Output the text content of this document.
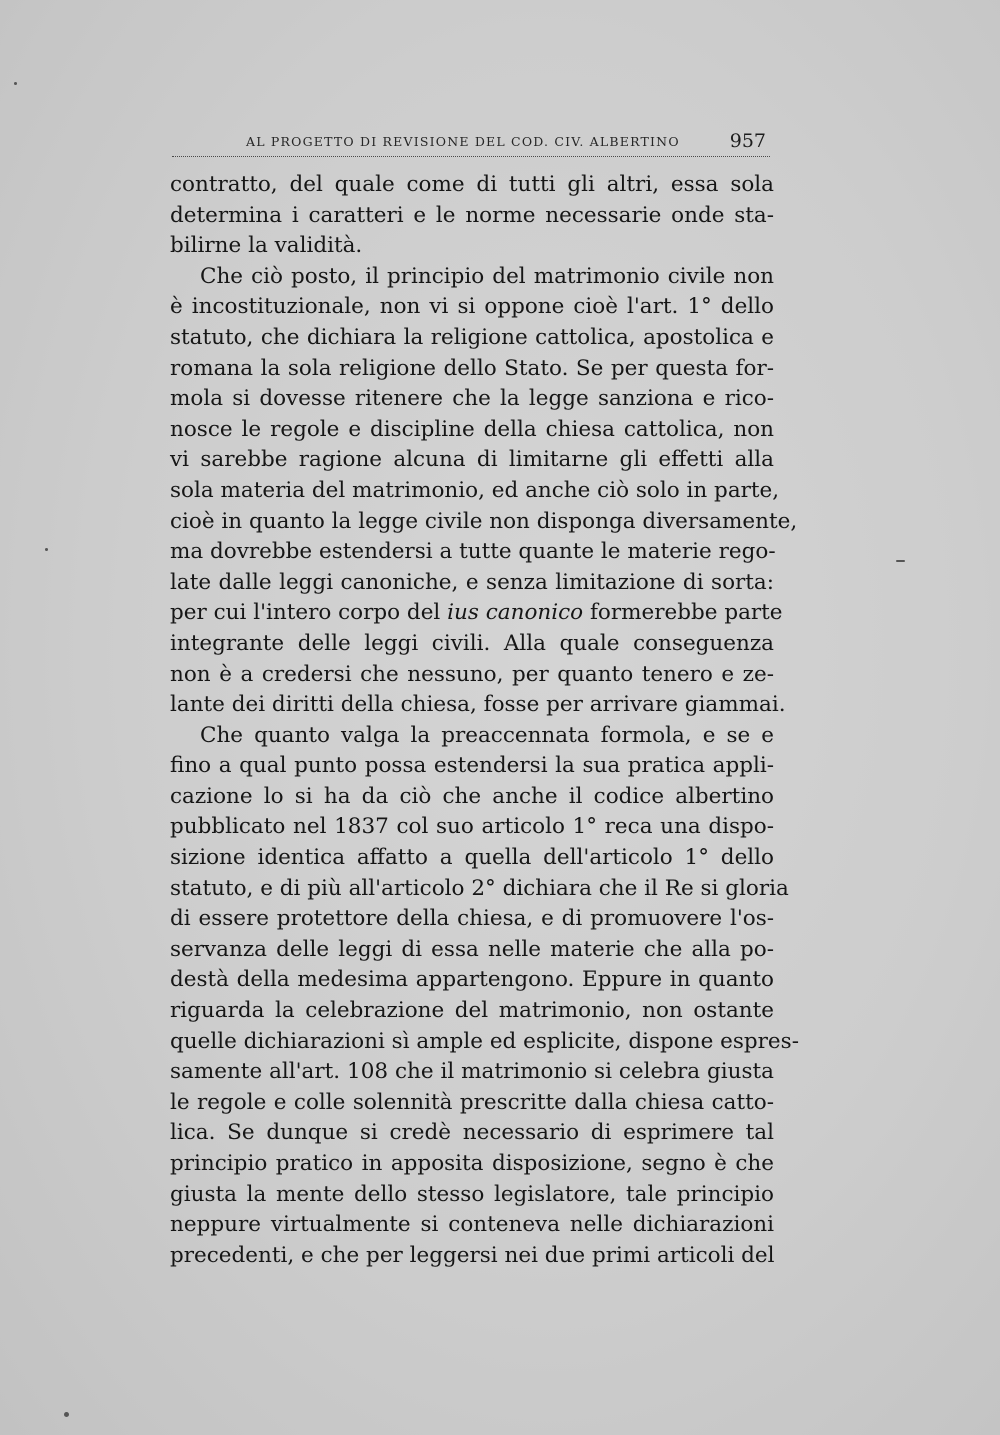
AL PROGETTO DI REVISIONE DEL COD. CIV. ALBERTINO	957
contratto, del quale come di tutti gli altri, essa sola
determina i caratteri e le norme necessarie onde sta-
bilirne la validità.
Che ciò posto, il principio del matrimonio civile non
è incostituzionale, non vi si oppone cioè l'art. 1° dello
statuto, che dichiara la religione cattolica, apostolica e
romana la sola religione dello Stato. Se per questa for-
mola si dovesse ritenere che la legge sanziona e rico-
nosce le regole e discipline della chiesa cattolica, non
vi sarebbe ragione alcuna di limitarne gli effetti alla
sola materia del matrimonio, ed anche ciò solo in parte,
cioè in quanto la legge civile non disponga diversamente,
ma dovrebbe estendersi a tutte quante le materie rego-
late dalle leggi canoniche, e senza limitazione di sorta:
per cui l'intero corpo del ius canonico formerebbe parte
integrante delle leggi civili. Alla quale conseguenza
non è a credersi che nessuno, per quanto tenero e ze-
lante dei diritti della chiesa, fosse per arrivare giammai.
Che quanto valga la preaccennata formola, e se e
fino a qual punto possa estendersi la sua pratica appli-
cazione lo si ha da ciò che anche il codice albertino
pubblicato nel 1837 col suo articolo 1° reca una dispo-
sizione identica affatto a quella dell'articolo 1° dello
statuto, e di più all'articolo 2° dichiara che il Re si gloria
di essere protettore della chiesa, e di promuovere l'os-
servanza delle leggi di essa nelle materie che alla po-
destà della medesima appartengono. Eppure in quanto
riguarda la celebrazione del matrimonio, non ostante
quelle dichiarazioni sì ample ed esplicite, dispone espres-
samente all'art. 108 che il matrimonio si celebra giusta
le regole e colle solennità prescritte dalla chiesa catto-
lica. Se dunque si credè necessario di esprimere tal
principio pratico in apposita disposizione, segno è che
giusta la mente dello stesso legislatore, tale principio
neppure virtualmente si conteneva nelle dichiarazioni
precedenti, e che per leggersi nei due primi articoli del
